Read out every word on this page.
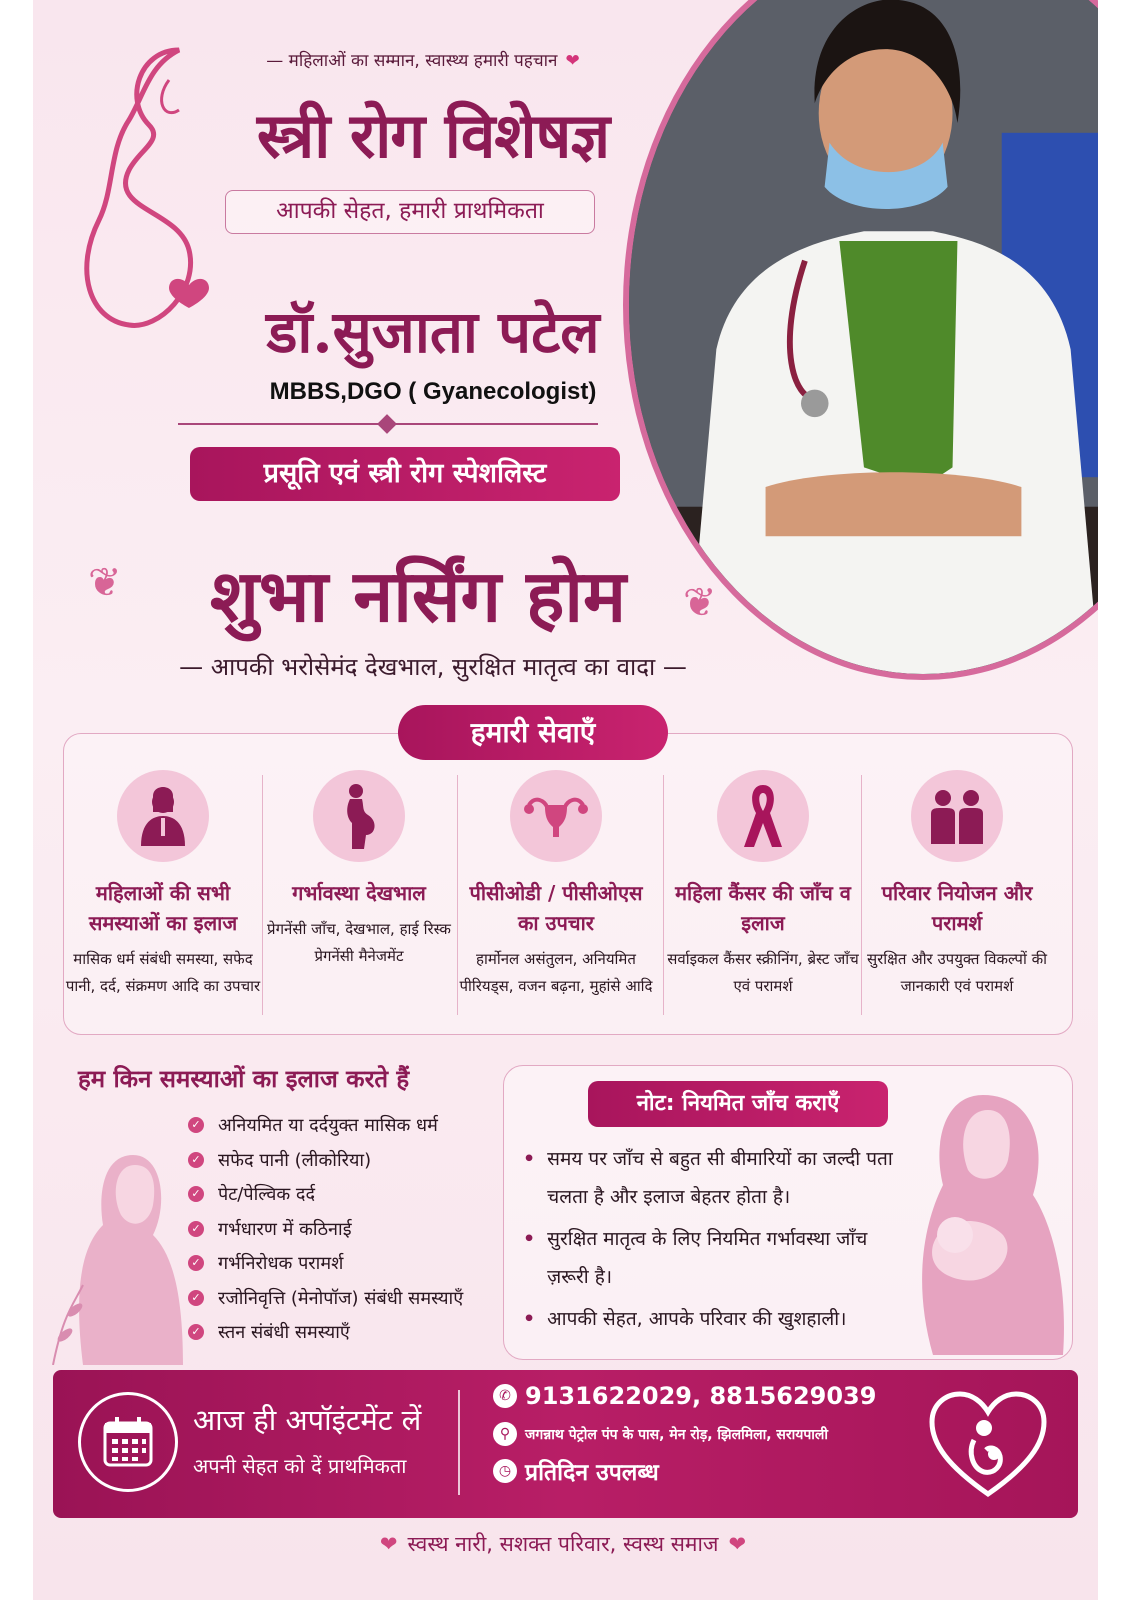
— महिलाओं का सम्मान, स्वास्थ्य हमारी पहचान ❤
स्त्री रोग विशेषज्ञ
आपकी सेहत, हमारी प्राथमिकता
डॉ.सुजाता पटेल
MBBS,DGO ( Gyanecologist)
प्रसूति एवं स्त्री रोग स्पेशलिस्ट
❦	शुभा नर्सिंग होम	❦
— आपकी भरोसेमंद देखभाल, सुरक्षित मातृत्व का वादा —
हमारी सेवाएँ
महिलाओं की सभी समस्याओं का इलाज
मासिक धर्म संबंधी समस्या, सफेद पानी, दर्द, संक्रमण आदि का उपचार
गर्भावस्था देखभाल
प्रेगनेंसी जाँच, देखभाल, हाई रिस्क प्रेगनेंसी मैनेजमेंट
पीसीओडी / पीसीओएस का उपचार
हार्मोनल असंतुलन, अनियमित पीरियड्स, वजन बढ़ना, मुहांसे आदि
महिला कैंसर की जाँच व इलाज
सर्वाइकल कैंसर स्क्रीनिंग, ब्रेस्ट जाँच एवं परामर्श
परिवार नियोजन और परामर्श
सुरक्षित और उपयुक्त विकल्पों की जानकारी एवं परामर्श
हम किन समस्याओं का इलाज करते हैं
✓ अनियमित या दर्दयुक्त मासिक धर्म
✓ सफेद पानी (लीकोरिया)
✓ पेट/पेल्विक दर्द
✓ गर्भधारण में कठिनाई
✓ गर्भनिरोधक परामर्श
✓ रजोनिवृत्ति (मेनोपॉज) संबंधी समस्याएँ
✓ स्तन संबंधी समस्याएँ
नोट: नियमित जाँच कराएँ
• समय पर जाँच से बहुत सी बीमारियों का जल्दी पता चलता है और इलाज बेहतर होता है।
• सुरक्षित मातृत्व के लिए नियमित गर्भावस्था जाँच ज़रूरी है।
• आपकी सेहत, आपके परिवार की खुशहाली।
आज ही अपॉइंटमेंट लें
अपनी सेहत को दें प्राथमिकता
✆ 9131622029, 8815629039
⚲	जगन्नाथ पेट्रोल पंप के पास, मेन रोड़, झिलमिला, सरायपाली
◷ प्रतिदिन उपलब्ध
❤ स्वस्थ नारी, सशक्त परिवार, स्वस्थ समाज ❤
